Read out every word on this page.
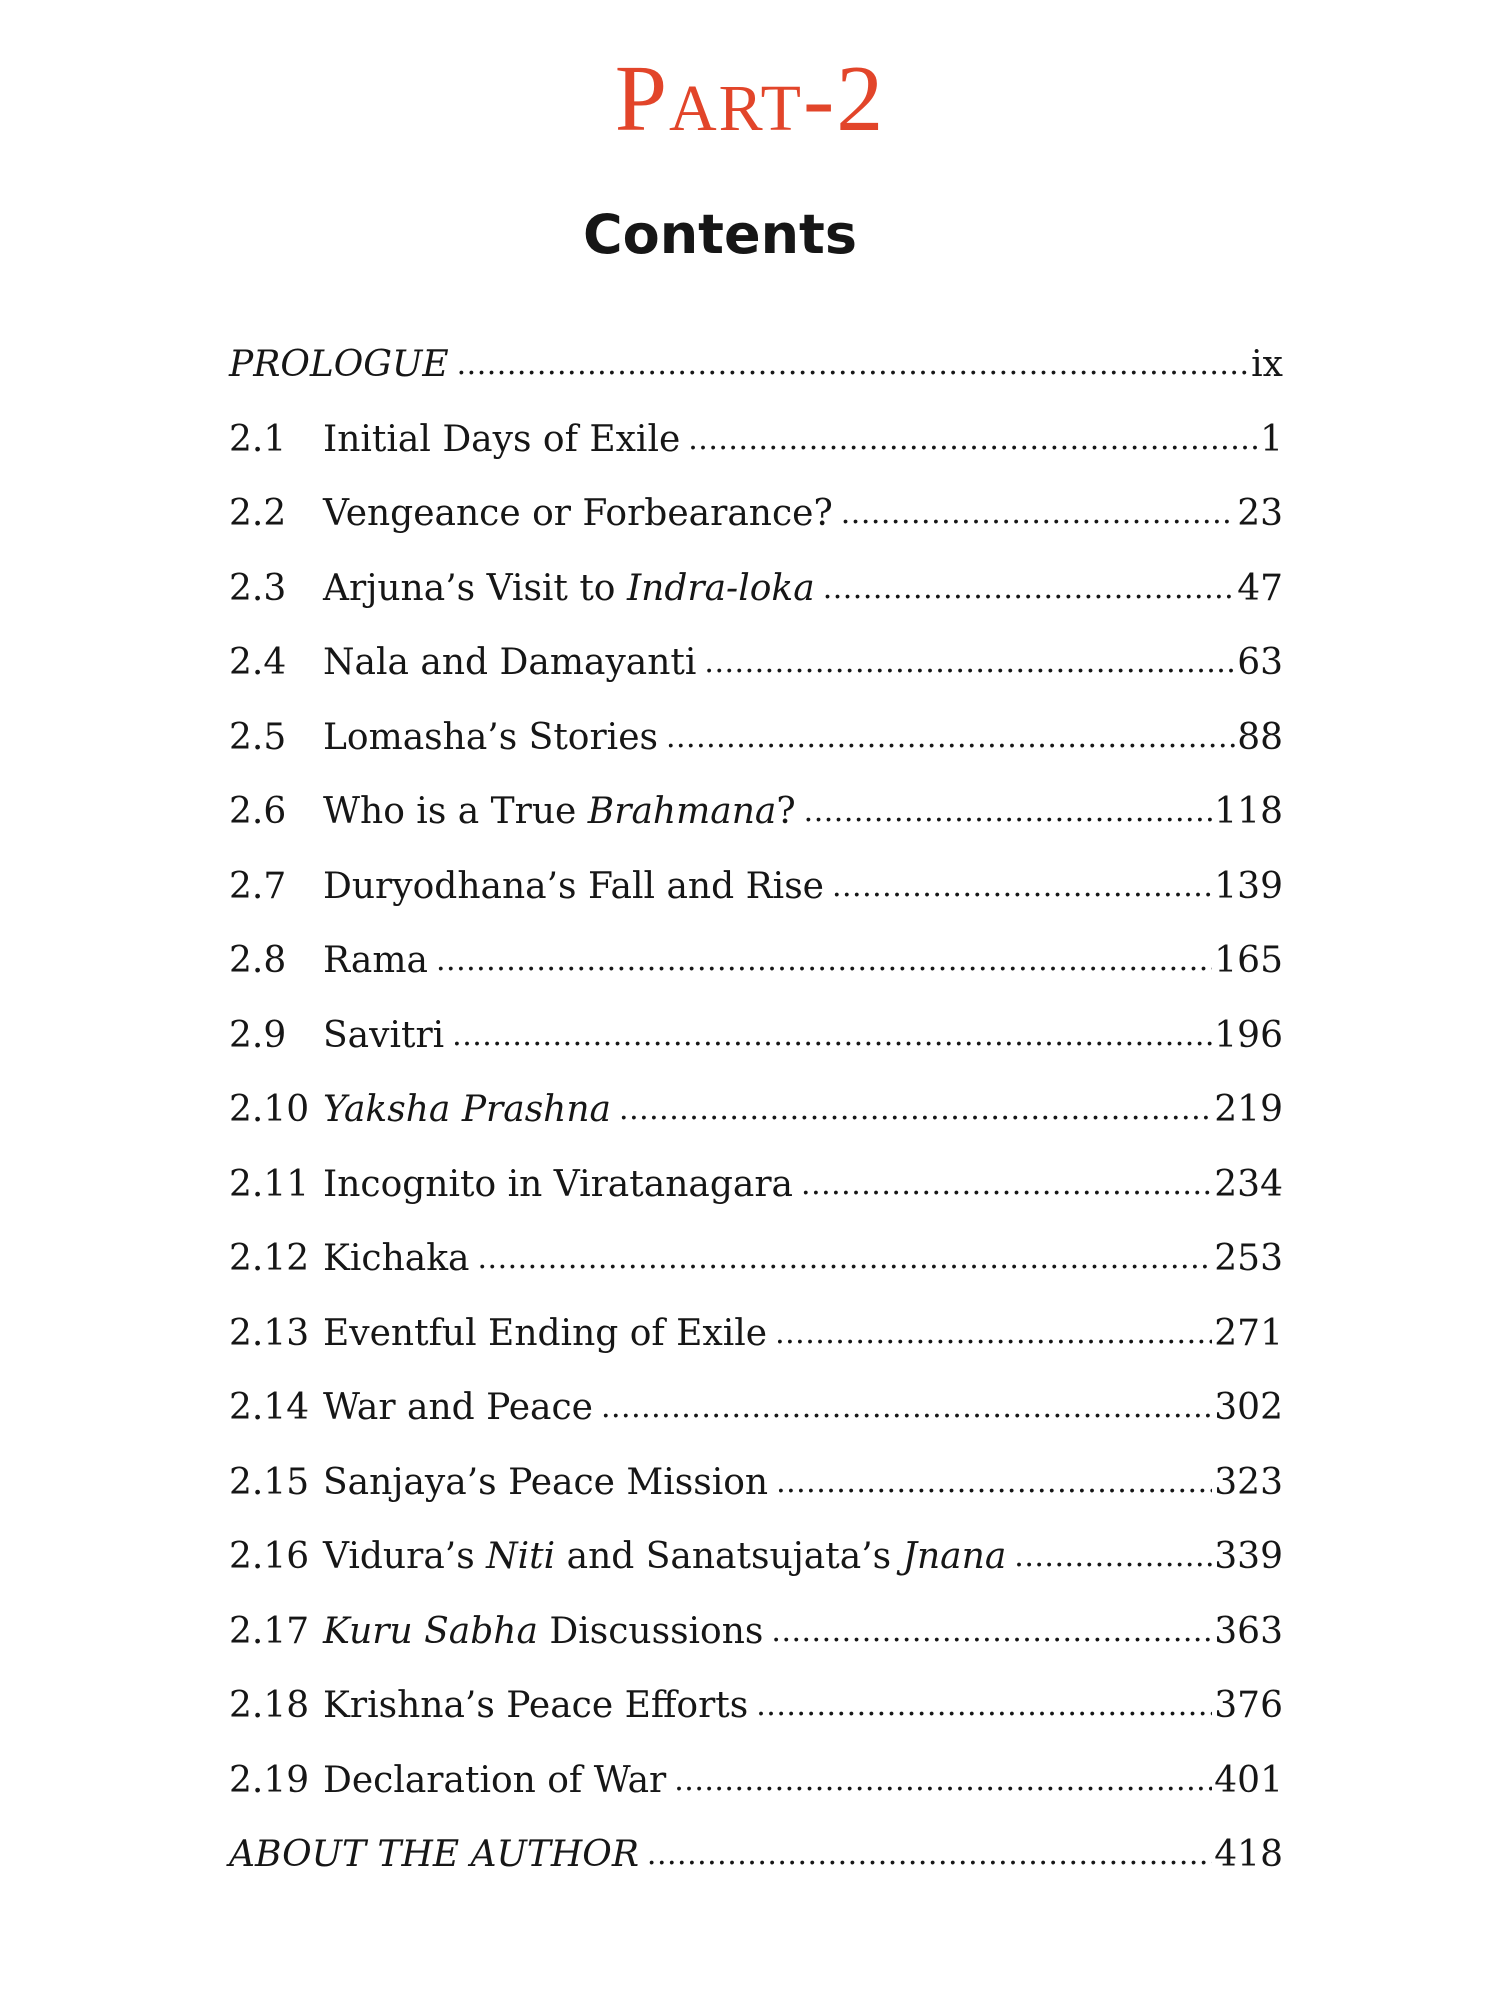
Part-2
Contents
PROLOGUE .....	ix
2.1	Initial Days of Exile .....	1
2.2	Vengeance or Forbearance? .....	23
2.3	Arjuna’s Visit to Indra-loka .....	47
2.4	Nala and Damayanti .....	63
2.5	Lomasha’s Stories .....	88
2.6	Who is a True Brahmana? .....	118
2.7	Duryodhana’s Fall and Rise .....	139
2.8	Rama .....	165
2.9	Savitri .....	196
2.10 Yaksha Prashna .....	219
2.11 Incognito in Viratanagara .....	234
2.12 Kichaka .....	253
2.13 Eventful Ending of Exile .....	271
2.14 War and Peace .....	302
2.15 Sanjaya’s Peace Mission .....	323
2.16 Vidura’s Niti and Sanatsujata’s Jnana .....	339
2.17 Kuru Sabha Discussions .....	363
2.18 Krishna’s Peace Efforts .....	376
2.19 Declaration of War .....	401
ABOUT THE AUTHOR .....	418
